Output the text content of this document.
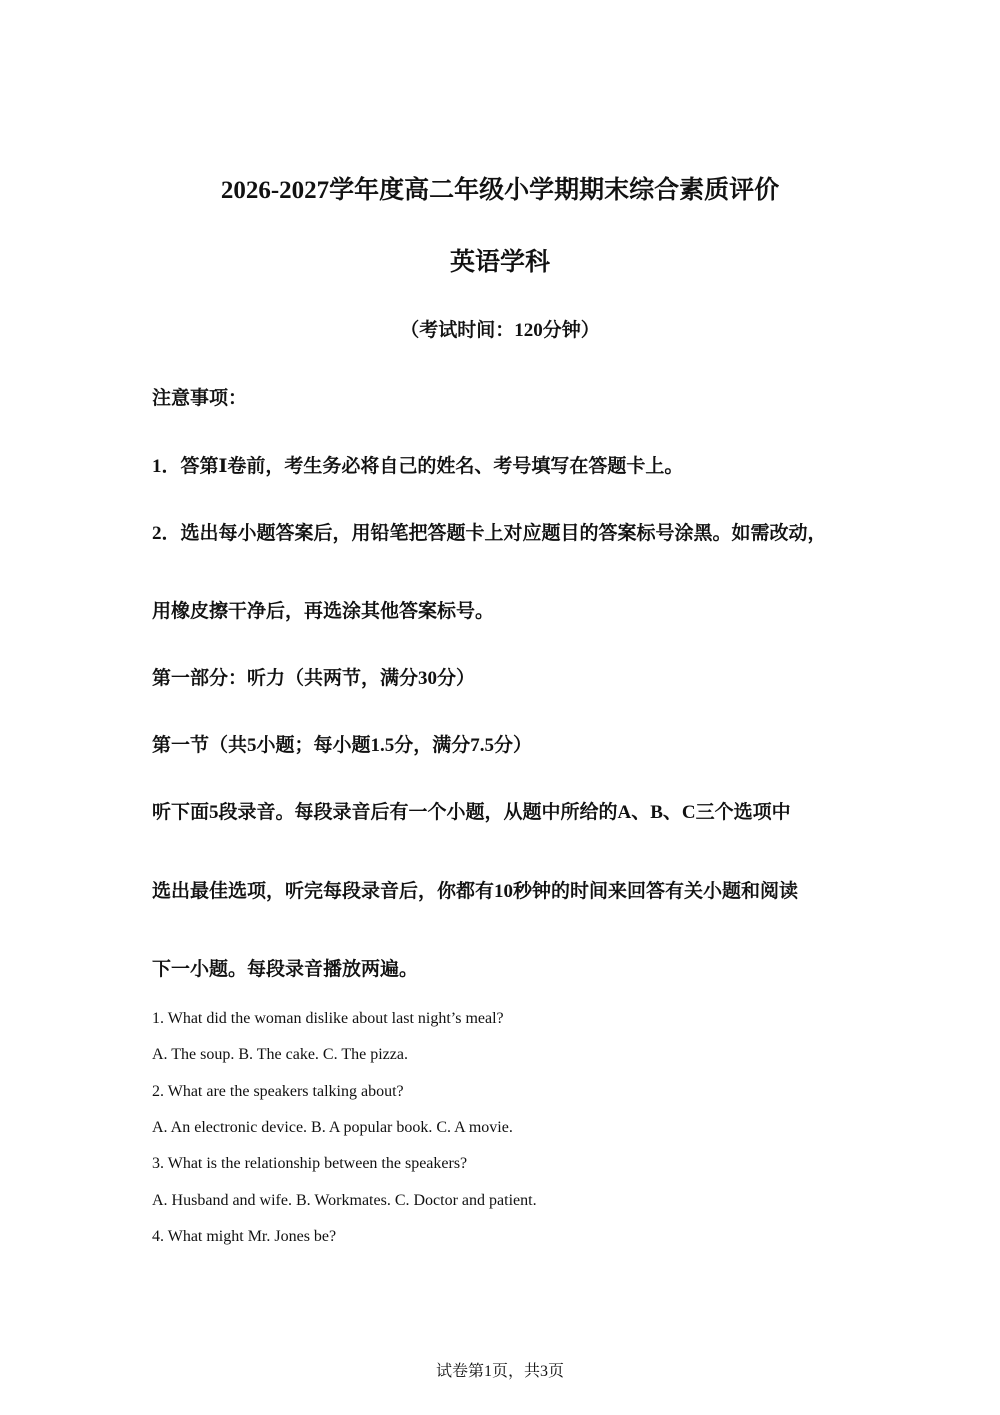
2026-2027学年度高二年级小学期期末综合素质评价
英语学科
（考试时间：120分钟）
注意事项：
1．答第Ⅰ卷前，考生务必将自己的姓名、考号填写在答题卡上。
2．选出每小题答案后，用铅笔把答题卡上对应题目的答案标号涂黑。如需改动，
用橡皮擦干净后，再选涂其他答案标号。
第一部分：听力（共两节，满分30分）
第一节（共5小题；每小题1.5分，满分7.5分）
听下面5段录音。每段录音后有一个小题，从题中所给的A、B、C三个选项中
选出最佳选项，听完每段录音后，你都有10秒钟的时间来回答有关小题和阅读
下一小题。每段录音播放两遍。
1. What did the woman dislike about last night’s meal?
A. The soup. B. The cake. C. The pizza.
2. What are the speakers talking about?
A. An electronic device. B. A popular book. C. A movie.
3. What is the relationship between the speakers?
A. Husband and wife. B. Workmates. C. Doctor and patient.
4. What might Mr. Jones be?
试卷第1页，共3页
